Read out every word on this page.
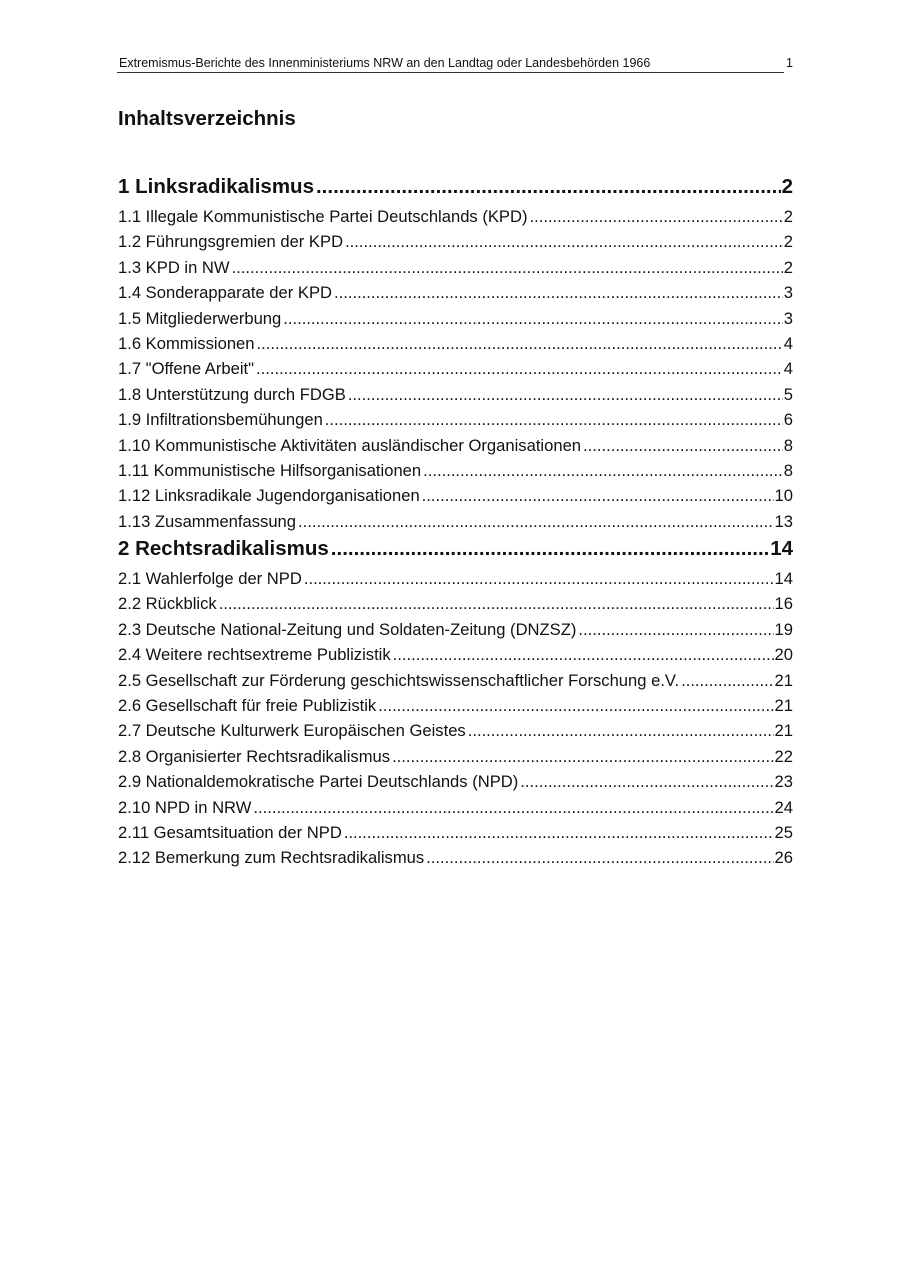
Extremismus-Berichte des Innenministeriums NRW an den Landtag oder Landesbehörden 1966	1
Inhaltsverzeichnis
1 Linksradikalismus .....	2
1.1 Illegale Kommunistische Partei Deutschlands (KPD) .....	2
1.2 Führungsgremien der KPD .....	2
1.3 KPD in NW .....	2
1.4 Sonderapparate der KPD .....	3
1.5 Mitgliederwerbung .....	3
1.6 Kommissionen .....	4
1.7 "Offene Arbeit" .....	4
1.8 Unterstützung durch FDGB .....	5
1.9 Infiltrationsbemühungen .....	6
1.10 Kommunistische Aktivitäten ausländischer Organisationen .....	8
1.11 Kommunistische Hilfsorganisationen .....	8
1.12 Linksradikale Jugendorganisationen .....	10
1.13 Zusammenfassung .....	13
2 Rechtsradikalismus .....	14
2.1 Wahlerfolge der NPD .....	14
2.2 Rückblick .....	16
2.3 Deutsche National-Zeitung und Soldaten-Zeitung (DNZSZ) .....	19
2.4 Weitere rechtsextreme Publizistik .....	20
2.5 Gesellschaft zur Förderung geschichtswissenschaftlicher Forschung e.V. .....	21
2.6 Gesellschaft für freie Publizistik .....	21
2.7 Deutsche Kulturwerk Europäischen Geistes .....	21
2.8 Organisierter Rechtsradikalismus .....	22
2.9 Nationaldemokratische Partei Deutschlands (NPD) .....	23
2.10 NPD in NRW .....	24
2.11 Gesamtsituation der NPD .....	25
2.12 Bemerkung zum Rechtsradikalismus .....	26
